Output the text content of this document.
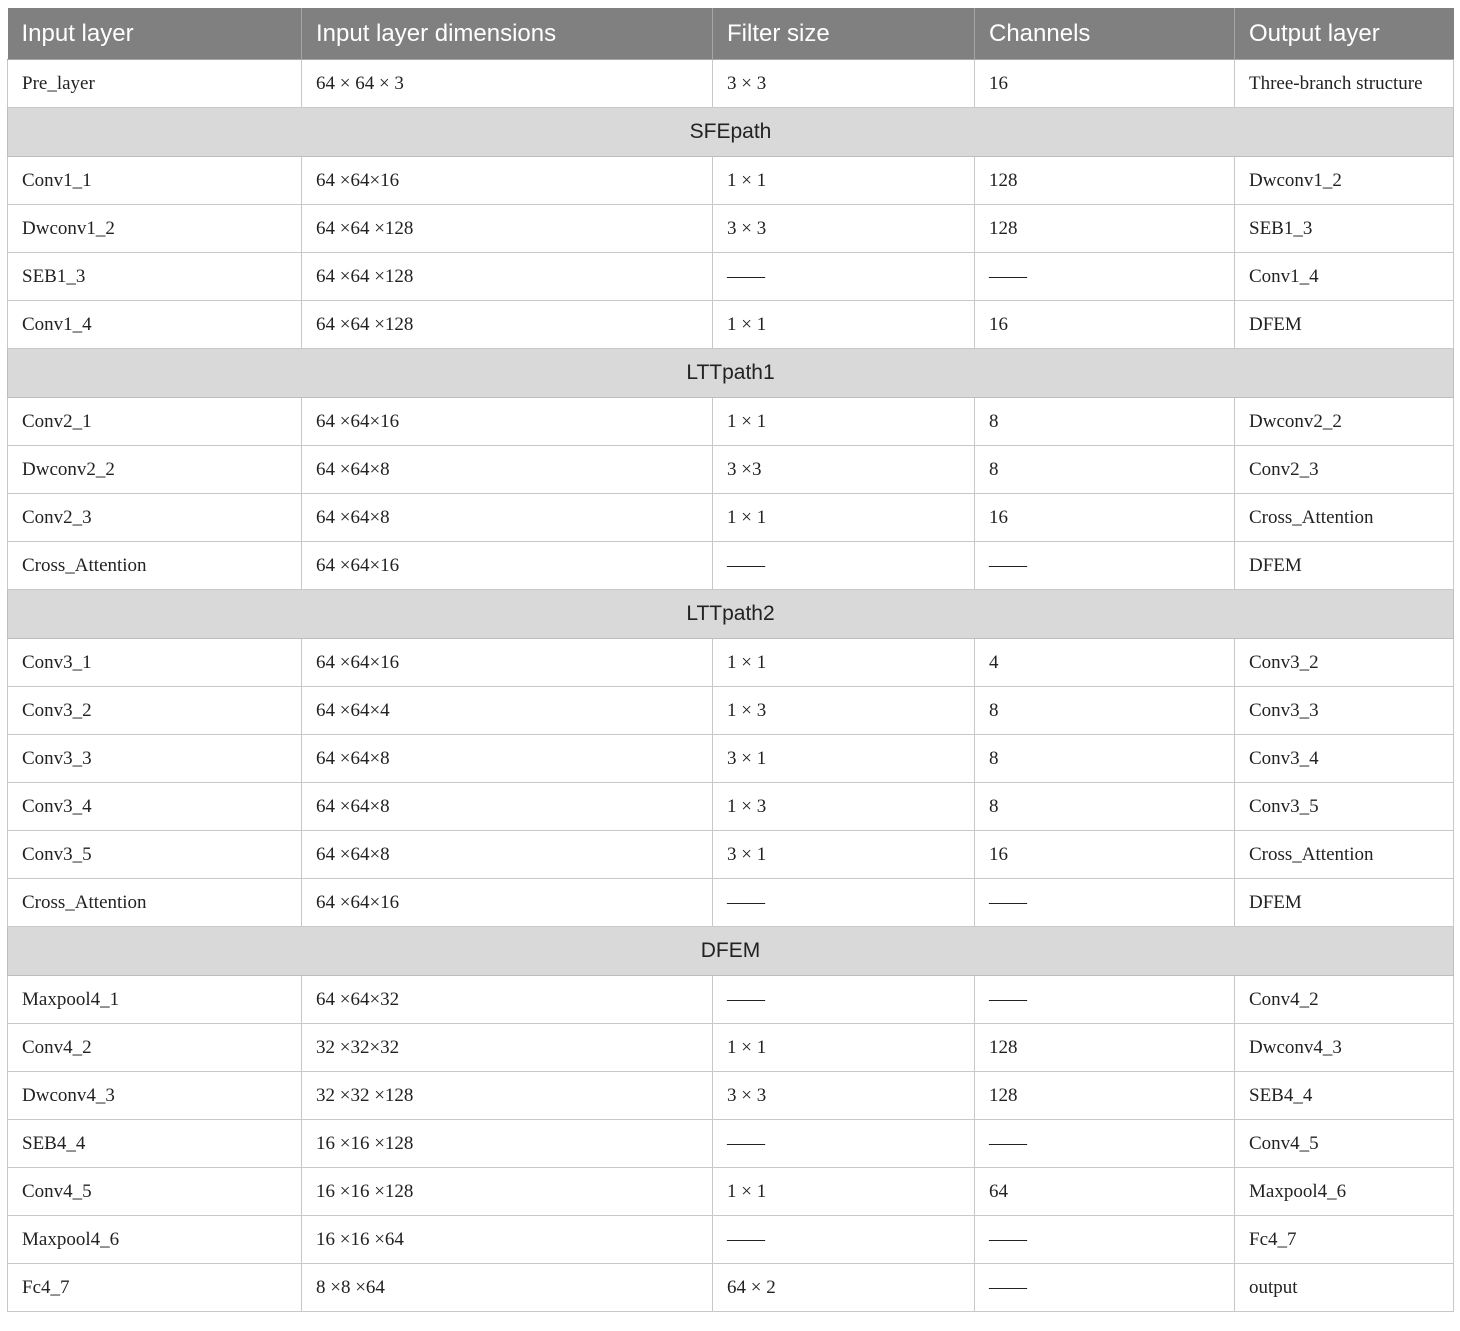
Input layer	Input layer dimensions	Filter size	Channels	Output layer
Pre_layer	64 × 64 × 3	3 × 3	16	Three-branch structure
SFEpath				
Conv1_1	64 ×64×16	1 × 1	128	Dwconv1_2
Dwconv1_2	64 ×64 ×128	3 × 3	128	SEB1_3
SEB1_3	64 ×64 ×128	——	——	Conv1_4
Conv1_4	64 ×64 ×128	1 × 1	16	DFEM
LTTpath1				
Conv2_1	64 ×64×16	1 × 1	8	Dwconv2_2
Dwconv2_2	64 ×64×8	3 ×3	8	Conv2_3
Conv2_3	64 ×64×8	1 × 1	16	Cross_Attention
Cross_Attention	64 ×64×16	——	——	DFEM
LTTpath2				
Conv3_1	64 ×64×16	1 × 1	4	Conv3_2
Conv3_2	64 ×64×4	1 × 3	8	Conv3_3
Conv3_3	64 ×64×8	3 × 1	8	Conv3_4
Conv3_4	64 ×64×8	1 × 3	8	Conv3_5
Conv3_5	64 ×64×8	3 × 1	16	Cross_Attention
Cross_Attention	64 ×64×16	——	——	DFEM
DFEM				
Maxpool4_1	64 ×64×32	——	——	Conv4_2
Conv4_2	32 ×32×32	1 × 1	128	Dwconv4_3
Dwconv4_3	32 ×32 ×128	3 × 3	128	SEB4_4
SEB4_4	16 ×16 ×128	——	——	Conv4_5
Conv4_5	16 ×16 ×128	1 × 1	64	Maxpool4_6
Maxpool4_6	16 ×16 ×64	——	——	Fc4_7
Fc4_7	8 ×8 ×64	64 × 2	——	output
